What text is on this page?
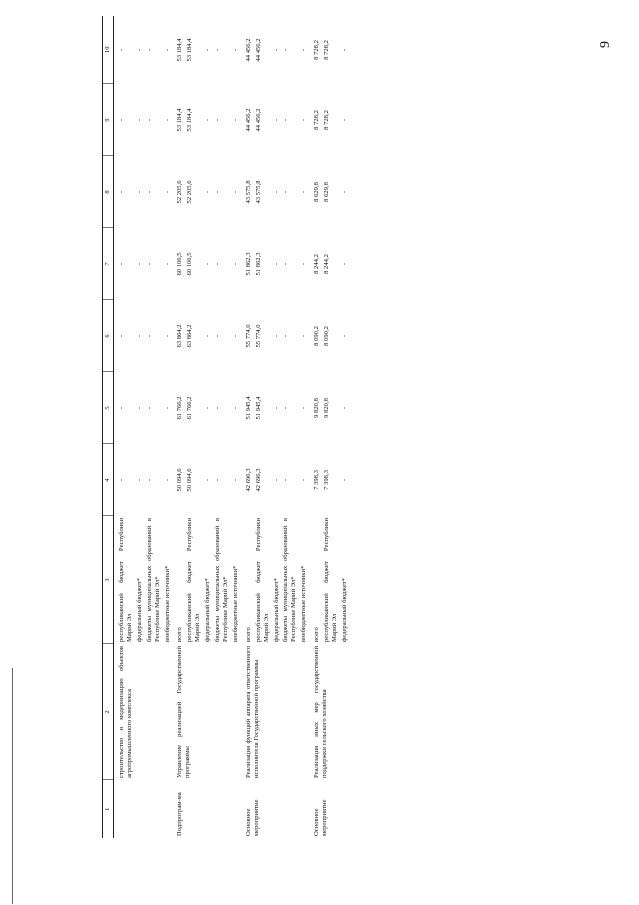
9
1	2	3	4	5	6	7	8	9	10
	строительство и модернизацию объектов агропромышленного комплекса	республиканский бюджет Республики Марий Эл	-	-	-	-	-	-	-
		федеральный бюджет*	-	-	-	-	-	-	-
		бюджеты муниципальных образований в Республике Марий Эл*	-	-	-	-	-	-	-
		внебюджетные источники*	-	-	-	-	-	-	-
Подпрограм-ма	Управление реализацией Государственной программы	всего	50 094,6	61 766,2	63 864,2	60 106,5	52 205,6	53 184,4	53 184,4
		республиканский бюджет Республики Марий Эл	50 094,6	61 766,2	63 864,2	60 106,5	52 205,6	53 184,4	53 184,4
		федеральный бюджет*	-	-	-	-	-	-	-
		бюджеты муниципальных образований в Республике Марий Эл*	-	-	-	-	-	-	-
		внебюджетные источники*	-	-	-	-	-	-	-
Основное мероприятие	Реализация функций аппарата ответственного исполнителя Государственной программы	всего	42 696,3	51 945,4	55 774,0	51 862,3	43 575,8	44 456,2	44 456,2
		республиканский бюджет Республики Марий Эл	42 696,3	51 945,4	55 774,0	51 862,3	43 575,8	44 456,2	44 456,2
		федеральный бюджет*	-	-	-	-	-	-	-
		бюджеты муниципальных образований в Республике Марий Эл*	-	-	-	-	-	-	-
		внебюджетные источники*	-	-	-	-	-	-	-
Основное мероприятие	Реализация иных мер государственной поддержки сельского хозяйства	всего	7 398,3	9 820,8	8 090,2	8 244,2	8 629,8	8 728,2	8 728,2
		республиканский бюджет Республики Марий Эл	7 398,3	9 820,8	8 090,2	8 244,2	8 629,8	8 728,2	8 728,2
		федеральный бюджет*	-	-	-	-	-	-	-
